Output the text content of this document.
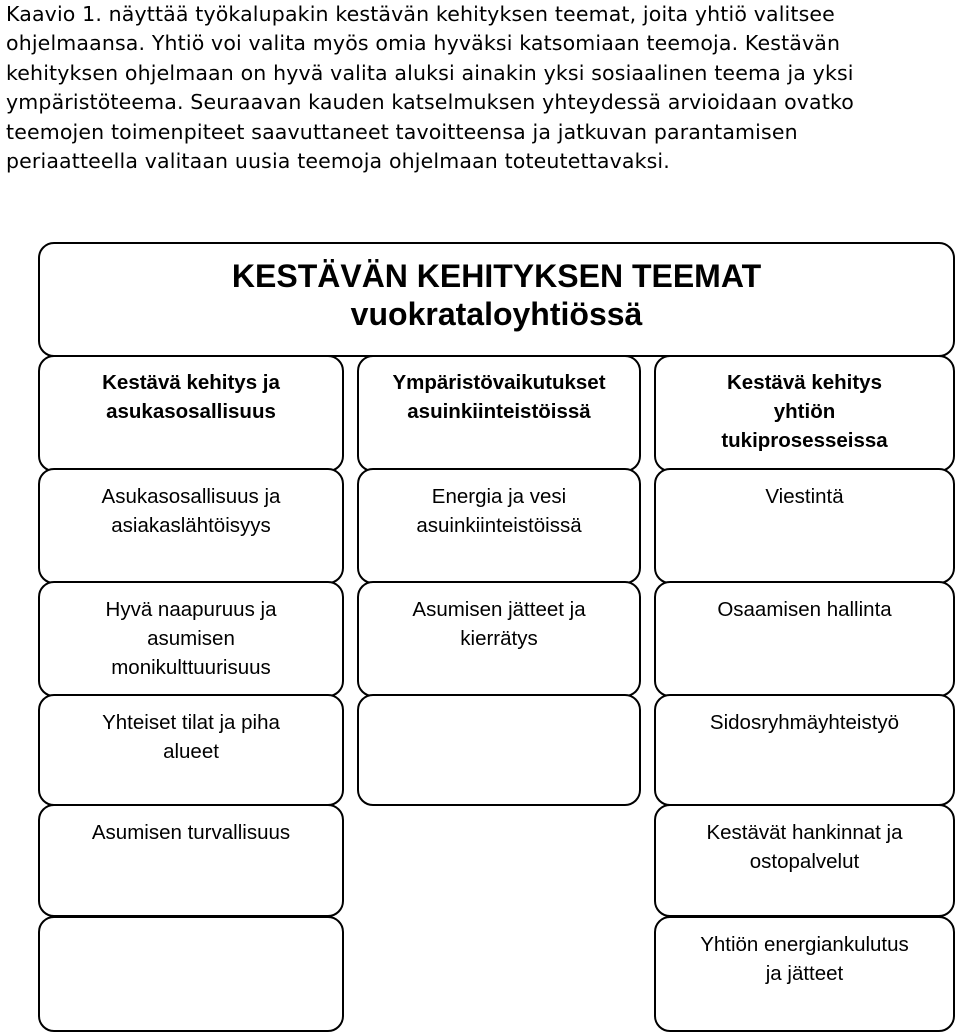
Kaavio 1. näyttää työkalupakin kestävän kehityksen teemat, joita yhtiö valitsee
ohjelmaansa. Yhtiö voi valita myös omia hyväksi katsomiaan teemoja. Kestävän
kehityksen ohjelmaan on hyvä valita aluksi ainakin yksi sosiaalinen teema ja yksi
ympäristöteema. Seuraavan kauden katselmuksen yhteydessä arvioidaan ovatko
teemojen toimenpiteet saavuttaneet tavoitteensa ja jatkuvan parantamisen
periaatteella valitaan uusia teemoja ohjelmaan toteutettavaksi.
KESTÄVÄN KEHITYKSEN TEEMAT
vuokrataloyhtiössä
Kestävä kehitys ja
asukasosallisuus
Asukasosallisuus ja
asiakaslähtöisyys
Hyvä naapuruus ja
asumisen
monikulttuurisuus
Yhteiset tilat ja piha
alueet
Asumisen turvallisuus
Ympäristövaikutukset
asuinkiinteistöissä
Energia ja vesi
asuinkiinteistöissä
Asumisen jätteet ja
kierrätys
Kestävä kehitys
yhtiön
tukiprosesseissa
Viestintä
Osaamisen hallinta
Sidosryhmäyhteistyö
Kestävät hankinnat ja
ostopalvelut
Yhtiön energiankulutus
ja jätteet
